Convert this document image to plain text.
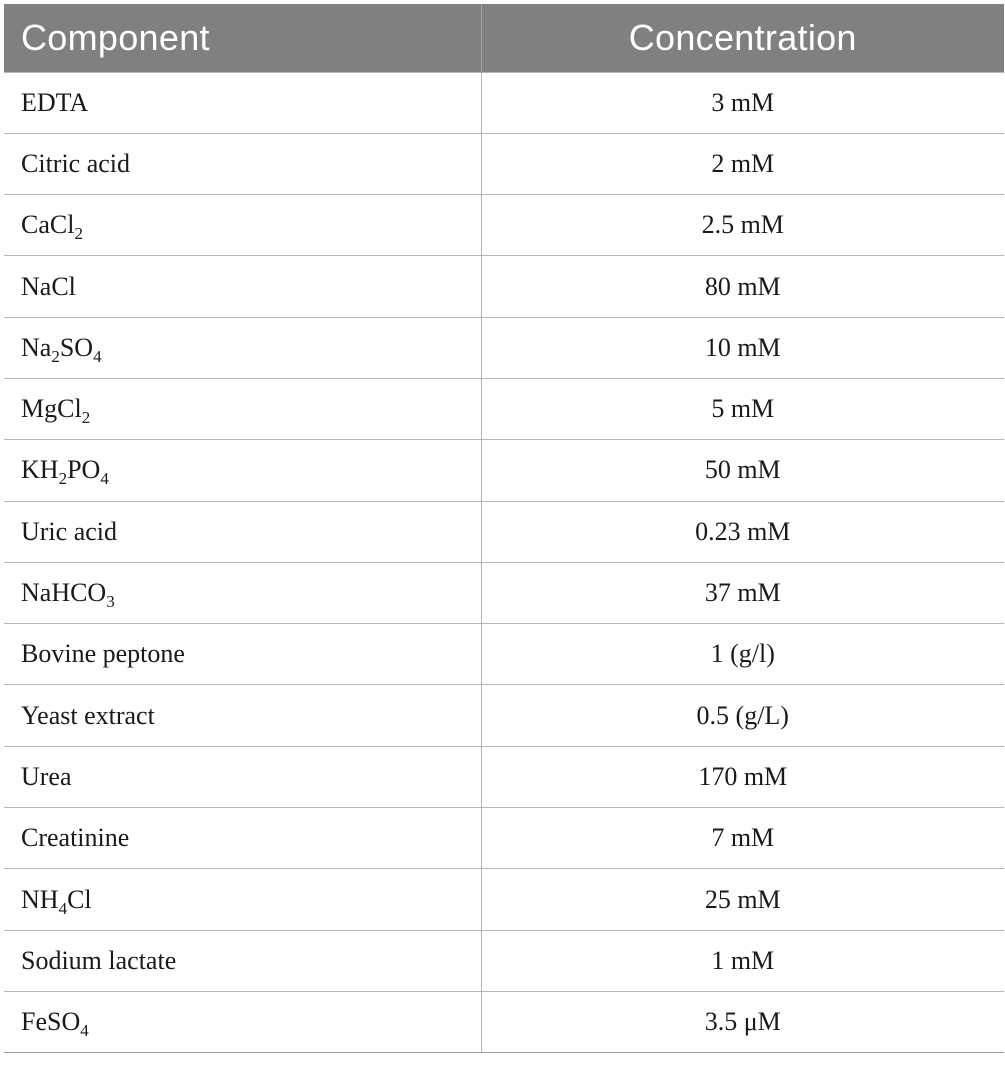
Component	Concentration
EDTA	3 mM
Citric acid	2 mM
CaCl$_2$	2.5 mM
NaCl	80 mM
$Na_2SO_4$	10 mM
MgCl$_2$	5 mM
$KH_2PO_4$	50 mM
Uric acid	0.23 mM
NaHCO$_3$	37 mM
Bovine peptone	1 (g/l)
Yeast extract	0.5 (g/L)
Urea	170 mM
Creatinine	7 mM
$NH_4Cl$	25 mM
Sodium lactate	1 mM
FeSO$_4$	3.5 μM
